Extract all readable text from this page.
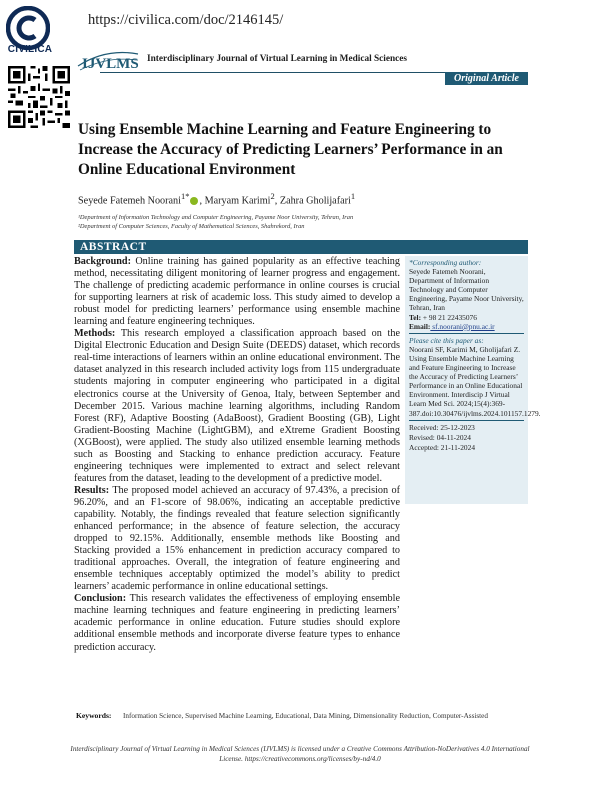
CIVILICA
https://civilica.com/doc/2146145/
IJVLMS Interdisciplinary Journal of Virtual Learning in Medical Sciences
Original Article
Using Ensemble Machine Learning and Feature Engineering to Increase the Accuracy of Predicting Learners’ Performance in an Online Educational Environment
Seyede Fatemeh Noorani$^{1*}$ , Maryam Karimi$^2$, Zahra Gholijafari$^1$
¹Department of Information Technology and Computer Engineering, Payame Noor University, Tehran, Iran
²Department of Computer Sciences, Faculty of Mathematical Sciences, Shahrekord, Iran
ABSTRACT

Background: Online training has gained popularity as an effective teaching method, necessitating diligent monitoring of learner progress and engagement. The challenge of predicting academic performance in online courses is crucial for supporting learners at risk of academic loss. This study aimed to develop a robust model for predicting learners’ performance using ensemble machine learning and feature engineering techniques.

Methods: This research employed a classification approach based on the Digital Electronic Education and Design Suite (DEEDS) dataset, which records real-time interactions of learners within an online educational environment. The dataset analyzed in this research included activity logs from 115 undergraduate students majoring in computer engineering who participated in a digital electronics course at the University of Genoa, Italy, between September and December 2015. Various machine learning algorithms, including Random Forest (RF), Adaptive Boosting (AdaBoost), Gradient Boosting (GB), Light Gradient-Boosting Machine (LightGBM), and eXtreme Gradient Boosting (XGBoost), were applied. The study also utilized ensemble learning methods such as Boosting and Stacking to enhance prediction accuracy. Feature engineering techniques were implemented to extract and select relevant features from the dataset, leading to the development of a predictive model.

Results: The proposed model achieved an accuracy of 97.43%, a precision of 96.20%, and an F1-score of 98.06%, indicating an acceptable predictive capability. Notably, the findings revealed that feature selection significantly enhanced performance; in the absence of feature selection, the accuracy dropped to 92.15%. Additionally, ensemble methods like Boosting and Stacking provided a 15% enhancement in prediction accuracy compared to traditional approaches. Overall, the integration of feature engineering and ensemble techniques acceptably optimized the model’s ability to predict learners’ academic performance in online educational settings.

Conclusion: This research validates the effectiveness of employing ensemble machine learning techniques and feature engineering in predicting learners’ academic performance in online education. Future studies should explore additional ensemble methods and incorporate diverse feature types to enhance prediction accuracy.

*Corresponding author:
Seyede Fatemeh Noorani,
Department of Information Technology and Computer Engineering, Payame Noor University, Tehran, Iran
Tel: + 98 21 22435076
Email: sf.noorani@pnu.ac.ir
Please cite this paper as:
Noorani SF, Karimi M, Gholijafari Z. Using Ensemble Machine Learning and Feature Engineering to Increase the Accuracy of Predicting Learners’ Performance in an Online Educational Environment. Interdiscip J Virtual Learn Med Sci. 2024;15(4):369-387.doi:10.30476/ijvlms.2024.101157.1279.
Received: 25-12-2023
Revised: 04-11-2024
Accepted: 21-11-2024
Keywords: Information Science, Supervised Machine Learning, Educational, Data Mining, Dimensionality Reduction, Computer-Assisted
Interdisciplinary Journal of Virtual Learning in Medical Sciences (IJVLMS) is licensed under a Creative Commons Attribution-NoDerivatives 4.0 International License. https://creativecommons.org/licenses/by-nd/4.0
